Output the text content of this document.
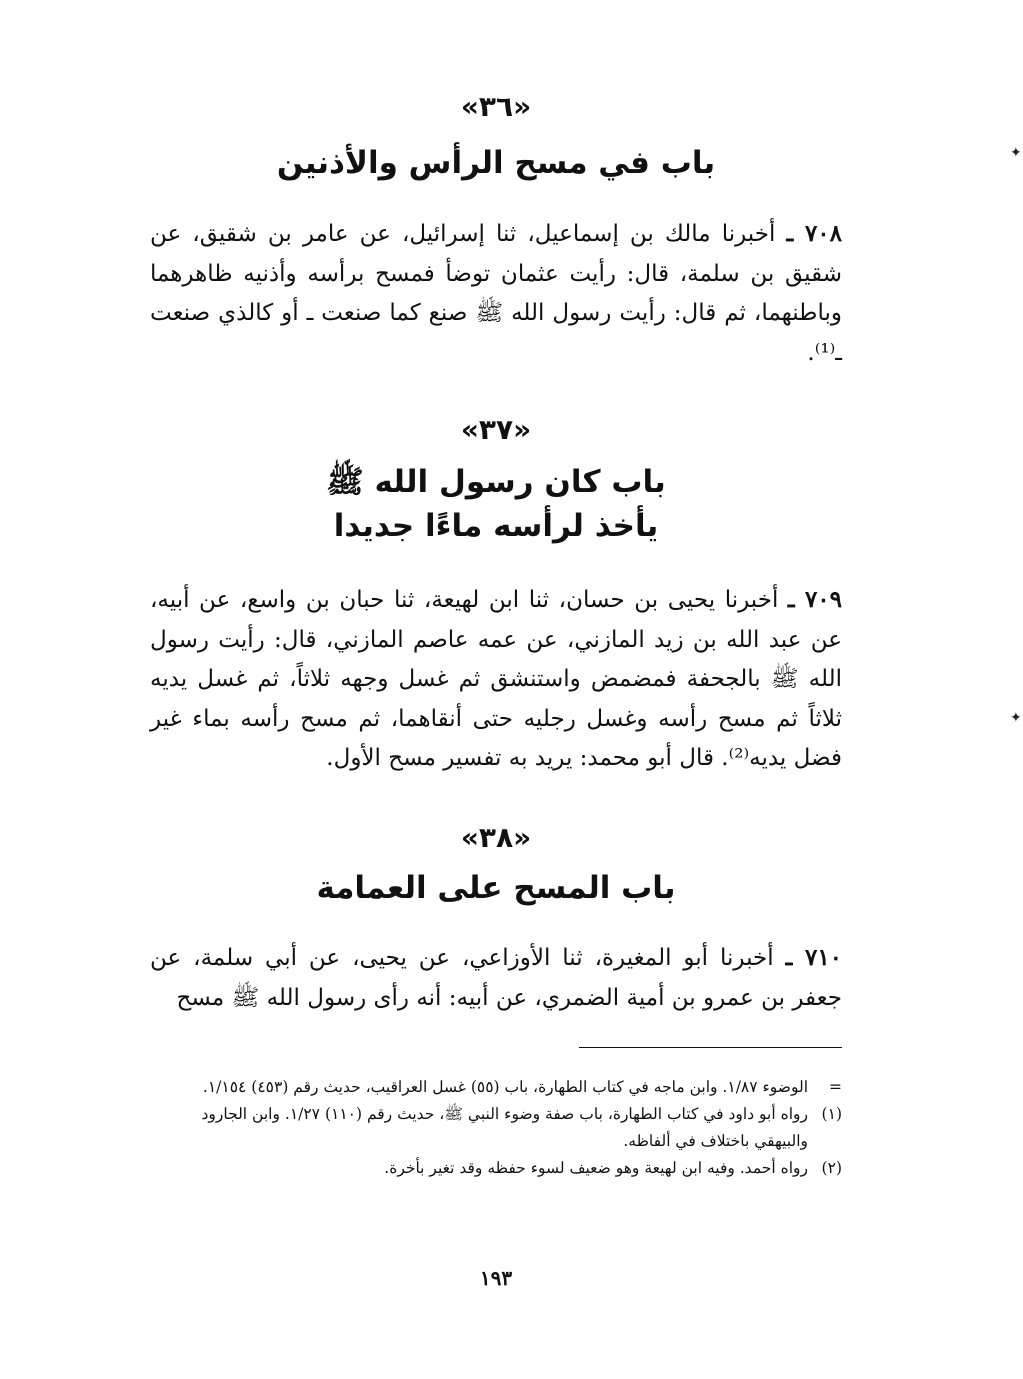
«٣٦»
باب في مسح الرأس والأذنين

٧٠٨ ـ أخبرنا مالك بن إسماعيل، ثنا إسرائيل، عن عامر بن شقيق، عن شقيق بن سلمة، قال: رأيت عثمان توضأ فمسح برأسه وأذنيه ظاهرهما وباطنهما، ثم قال: رأيت رسول الله ﷺ صنع كما صنعت ـ أو كالذي صنعت ـ⁽¹⁾.

«٣٧»
باب كان رسول الله ﷺ
يأخذ لرأسه ماءًا جديدا

٧٠٩ ـ أخبرنا يحيى بن حسان، ثنا ابن لهيعة، ثنا حبان بن واسع، عن أبيه، عن عبد الله بن زيد المازني، عن عمه عاصم المازني، قال: رأيت رسول الله ﷺ بالجحفة فمضمض واستنشق ثم غسل وجهه ثلاثاً، ثم غسل يديه ثلاثاً ثم مسح رأسه وغسل رجليه حتى أنقاهما، ثم مسح رأسه بماء غير فضل يديه⁽²⁾. قال أبو محمد: يريد به تفسير مسح الأول.

«٣٨»
باب المسح على العمامة

٧١٠ ـ أخبرنا أبو المغيرة، ثنا الأوزاعي، عن يحيى، عن أبي سلمة، عن جعفر بن عمرو بن أمية الضمري، عن أبيه: أنه رأى رسول الله ﷺ مسح

=
الوضوء ١/٨٧. وابن ماجه في كتاب الطهارة، باب (٥٥) غسل العراقيب، حديث رقم (٤٥٣) ١/١٥٤.
(١)
رواه أبو داود في كتاب الطهارة، باب صفة وضوء النبي ﷺ، حديث رقم (١١٠) ١/٢٧. وابن الجارود والبيهقي باختلاف في ألفاظه.
(٢)
رواه أحمد. وفيه ابن لهيعة وهو ضعيف لسوء حفظه وقد تغير بأخرة.
١٩٣
✦
✦
